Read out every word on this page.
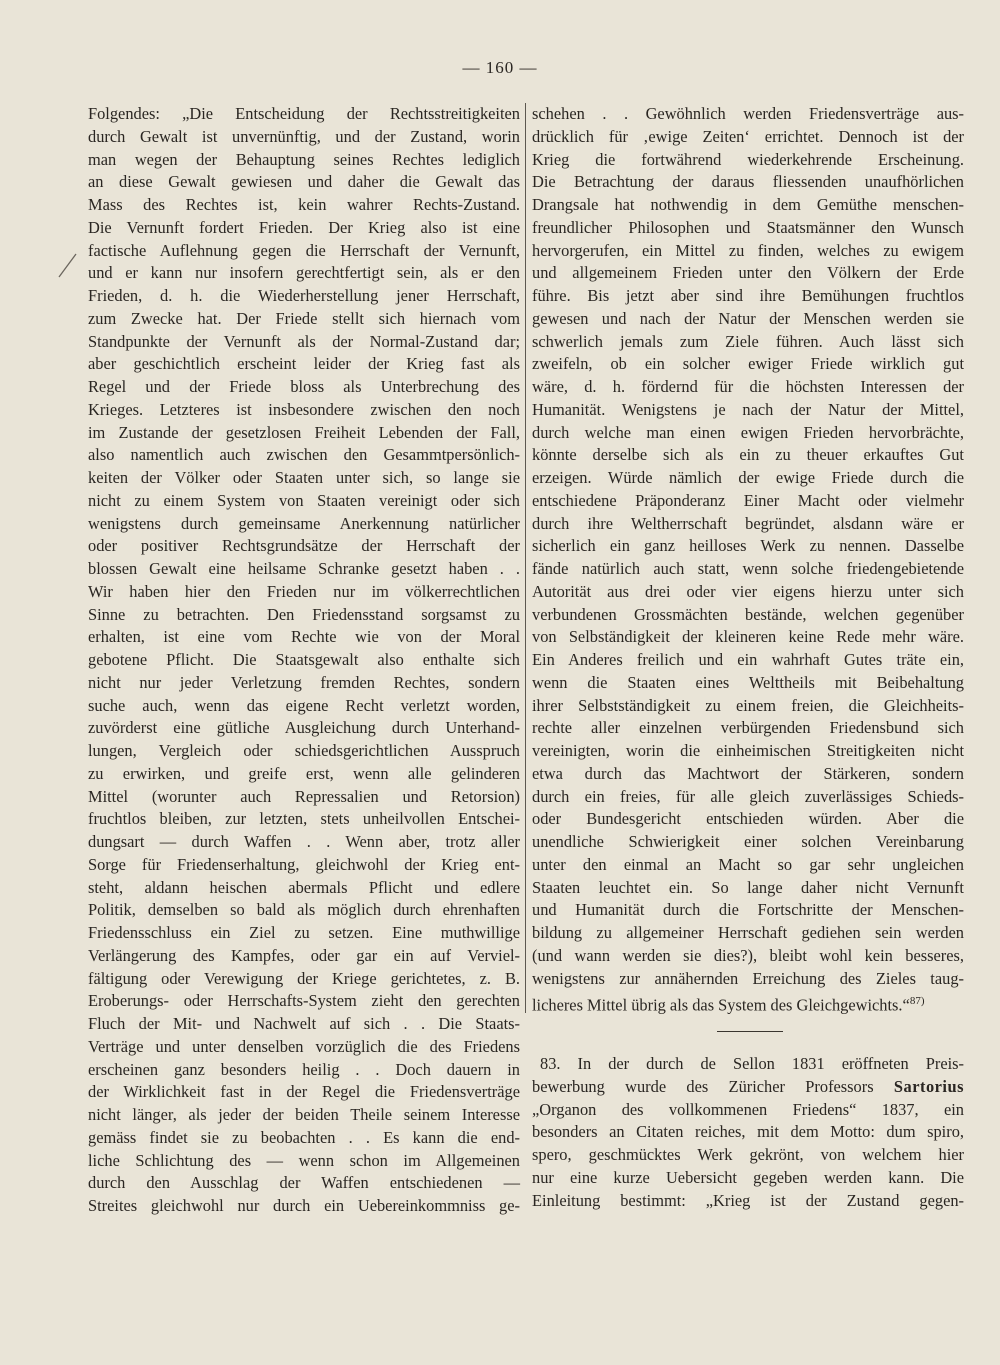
— 160 —
Folgendes: „Die Entscheidung der Rechtsstreitigkeiten
durch Gewalt ist unvernünftig, und der Zustand, worin
man wegen der Behauptung seines Rechtes lediglich
an diese Gewalt gewiesen und daher die Gewalt das
Mass des Rechtes ist, kein wahrer Rechts-Zustand.
Die Vernunft fordert Frieden. Der Krieg also ist eine
factische Auflehnung gegen die Herrschaft der Vernunft,
und er kann nur insofern gerechtfertigt sein, als er den
Frieden, d. h. die Wiederherstellung jener Herrschaft,
zum Zwecke hat. Der Friede stellt sich hiernach vom
Standpunkte der Vernunft als der Normal-Zustand dar;
aber geschichtlich erscheint leider der Krieg fast als
Regel und der Friede bloss als Unterbrechung des
Krieges. Letzteres ist insbesondere zwischen den noch
im Zustande der gesetzlosen Freiheit Lebenden der Fall,
also namentlich auch zwischen den Gesammtpersönlich-
keiten der Völker oder Staaten unter sich, so lange sie
nicht zu einem System von Staaten vereinigt oder sich
wenigstens durch gemeinsame Anerkennung natürlicher
oder positiver Rechtsgrundsätze der Herrschaft der
blossen Gewalt eine heilsame Schranke gesetzt haben . .
Wir haben hier den Frieden nur im völkerrechtlichen
Sinne zu betrachten. Den Friedensstand sorgsamst zu
erhalten, ist eine vom Rechte wie von der Moral
gebotene Pflicht. Die Staatsgewalt also enthalte sich
nicht nur jeder Verletzung fremden Rechtes, sondern
suche auch, wenn das eigene Recht verletzt worden,
zuvörderst eine gütliche Ausgleichung durch Unterhand-
lungen, Vergleich oder schiedsgerichtlichen Ausspruch
zu erwirken, und greife erst, wenn alle gelinderen
Mittel (worunter auch Repressalien und Retorsion)
fruchtlos bleiben, zur letzten, stets unheilvollen Entschei-
dungsart — durch Waffen . . Wenn aber, trotz aller
Sorge für Friedenserhaltung, gleichwohl der Krieg ent-
steht, aldann heischen abermals Pflicht und edlere
Politik, demselben so bald als möglich durch ehrenhaften
Friedensschluss ein Ziel zu setzen. Eine muthwillige
Verlängerung des Kampfes, oder gar ein auf Verviel-
fältigung oder Verewigung der Kriege gerichtetes, z. B.
Eroberungs- oder Herrschafts-System zieht den gerechten
Fluch der Mit- und Nachwelt auf sich . . Die Staats-
Verträge und unter denselben vorzüglich die des Friedens
erscheinen ganz besonders heilig . . Doch dauern in
der Wirklichkeit fast in der Regel die Friedensverträge
nicht länger, als jeder der beiden Theile seinem Interesse
gemäss findet sie zu beobachten . . Es kann die end-
liche Schlichtung des — wenn schon im Allgemeinen
durch den Ausschlag der Waffen entschiedenen —
Streites gleichwohl nur durch ein Uebereinkommniss ge-
schehen . . Gewöhnlich werden Friedensverträge aus-
drücklich für ‚ewige Zeiten‘ errichtet. Dennoch ist der
Krieg die fortwährend wiederkehrende Erscheinung.
Die Betrachtung der daraus fliessenden unaufhörlichen
Drangsale hat nothwendig in dem Gemüthe menschen-
freundlicher Philosophen und Staatsmänner den Wunsch
hervorgerufen, ein Mittel zu finden, welches zu ewigem
und allgemeinem Frieden unter den Völkern der Erde
führe. Bis jetzt aber sind ihre Bemühungen fruchtlos
gewesen und nach der Natur der Menschen werden sie
schwerlich jemals zum Ziele führen. Auch lässt sich
zweifeln, ob ein solcher ewiger Friede wirklich gut
wäre, d. h. fördernd für die höchsten Interessen der
Humanität. Wenigstens je nach der Natur der Mittel,
durch welche man einen ewigen Frieden hervorbrächte,
könnte derselbe sich als ein zu theuer erkauftes Gut
erzeigen. Würde nämlich der ewige Friede durch die
entschiedene Präponderanz Einer Macht oder vielmehr
durch ihre Weltherrschaft begründet, alsdann wäre er
sicherlich ein ganz heilloses Werk zu nennen. Dasselbe
fände natürlich auch statt, wenn solche friedengebietende
Autorität aus drei oder vier eigens hierzu unter sich
verbundenen Grossmächten bestände, welchen gegenüber
von Selbständigkeit der kleineren keine Rede mehr wäre.
Ein Anderes freilich und ein wahrhaft Gutes träte ein,
wenn die Staaten eines Welttheils mit Beibehaltung
ihrer Selbstständigkeit zu einem freien, die Gleichheits-
rechte aller einzelnen verbürgenden Friedensbund sich
vereinigten, worin die einheimischen Streitigkeiten nicht
etwa durch das Machtwort der Stärkeren, sondern
durch ein freies, für alle gleich zuverlässiges Schieds-
oder Bundesgericht entschieden würden. Aber die
unendliche Schwierigkeit einer solchen Vereinbarung
unter den einmal an Macht so gar sehr ungleichen
Staaten leuchtet ein. So lange daher nicht Vernunft
und Humanität durch die Fortschritte der Menschen-
bildung zu allgemeiner Herrschaft gediehen sein werden
(und wann werden sie dies?), bleibt wohl kein besseres,
wenigstens zur annähernden Erreichung des Zieles taug-
licheres Mittel übrig als das System des Gleichgewichts.“$^{87)}$
83. In der durch de Sellon 1831 eröffneten Preis-
bewerbung wurde des Züricher Professors Sartorius
„Organon des vollkommenen Friedens“ 1837, ein
besonders an Citaten reiches, mit dem Motto: dum spiro,
spero, geschmücktes Werk gekrönt, von welchem hier
nur eine kurze Uebersicht gegeben werden kann. Die
Einleitung bestimmt: „Krieg ist der Zustand gegen-
